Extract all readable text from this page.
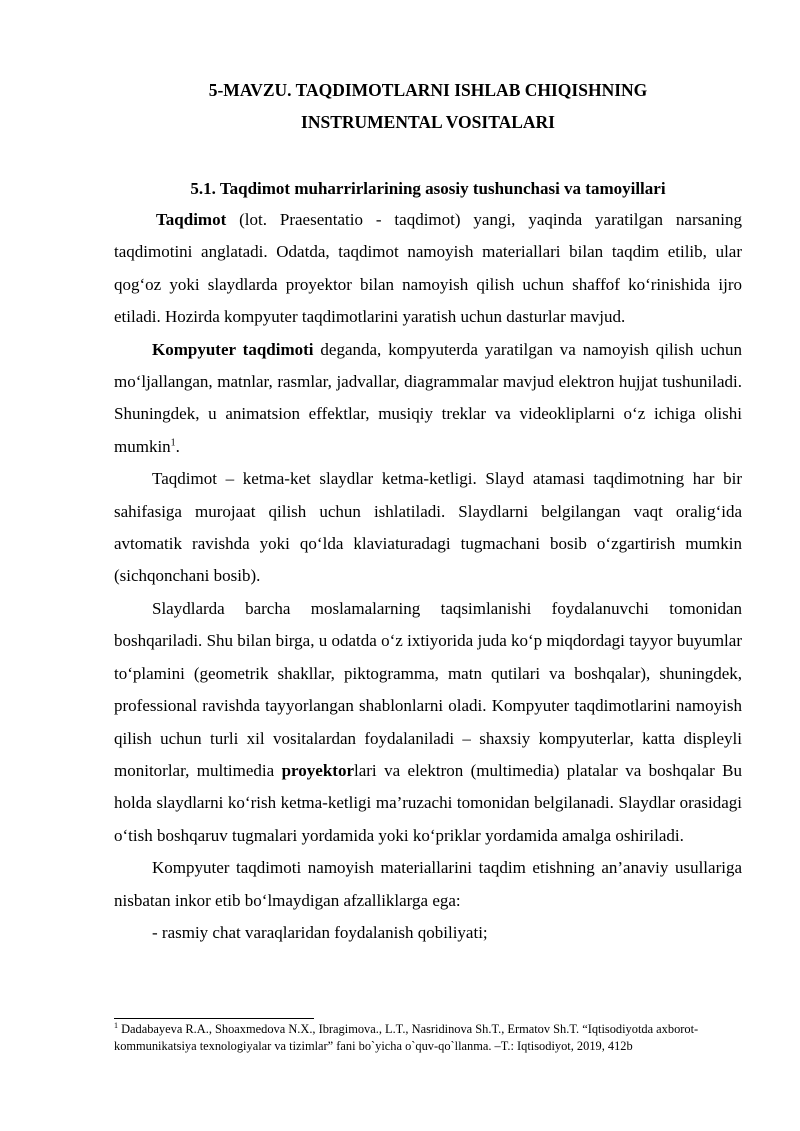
5-MAVZU. TAQDIMOTLARNI ISHLAB CHIQISHNING

INSTRUMENTAL VOSITALARI

5.1. Taqdimot muharrirlarining asosiy tushunchasi va tamoyillari

Taqdimot (lot. Praesentatio - taqdimot) yangi, yaqinda yaratilgan narsaning taqdimotini anglatadi. Odatda, taqdimot namoyish materiallari bilan taqdim etilib, ular qog‘oz yoki slaydlarda proyektor bilan namoyish qilish uchun shaffof ko‘rinishida ijro etiladi. Hozirda kompyuter taqdimotlarini yaratish uchun dasturlar mavjud.

Kompyuter taqdimoti deganda, kompyuterda yaratilgan va namoyish qilish uchun mo‘ljallangan, matnlar, rasmlar, jadvallar, diagrammalar mavjud elektron hujjat tushuniladi. Shuningdek, u animatsion effektlar, musiqiy treklar va videokliplarni o‘z ichiga olishi mumkin$^1$.

Taqdimot – ketma-ket slaydlar ketma-ketligi. Slayd atamasi taqdimotning har bir sahifasiga murojaat qilish uchun ishlatiladi. Slaydlarni belgilangan vaqt oralig‘ida avtomatik ravishda yoki qo‘lda klaviaturadagi tugmachani bosib o‘zgartirish mumkin (sichqonchani bosib).

Slaydlarda barcha moslamalarning taqsimlanishi foydalanuvchi tomonidan boshqariladi. Shu bilan birga, u odatda o‘z ixtiyorida juda ko‘p miqdordagi tayyor buyumlar to‘plamini (geometrik shakllar, piktogramma, matn qutilari va boshqalar), shuningdek, professional ravishda tayyorlangan shablonlarni oladi. Kompyuter taqdimotlarini namoyish qilish uchun turli xil vositalardan foydalaniladi – shaxsiy kompyuterlar, katta displeyli monitorlar, multimedia proyektorlari va elektron (multimedia) platalar va boshqalar Bu holda slaydlarni ko‘rish ketma-ketligi ma’ruzachi tomonidan belgilanadi. Slaydlar orasidagi o‘tish boshqaruv tugmalari yordamida yoki ko‘priklar yordamida amalga oshiriladi.

Kompyuter taqdimoti namoyish materiallarini taqdim etishning an’anaviy usullariga nisbatan inkor etib bo‘lmaydigan afzalliklarga ega:

- rasmiy chat varaqlaridan foydalanish qobiliyati;

$^1$ Dadabayeva R.A., Shoaxmedova N.X., Ibragimova., L.T., Nasridinova Sh.T., Ermatov Sh.T. “Iqtisodiyotda axborot-kommunikatsiya texnologiyalar va tizimlar” fani bo`yicha o`quv-qo`llanma. –T.: Iqtisodiyot, 2019, 412b
